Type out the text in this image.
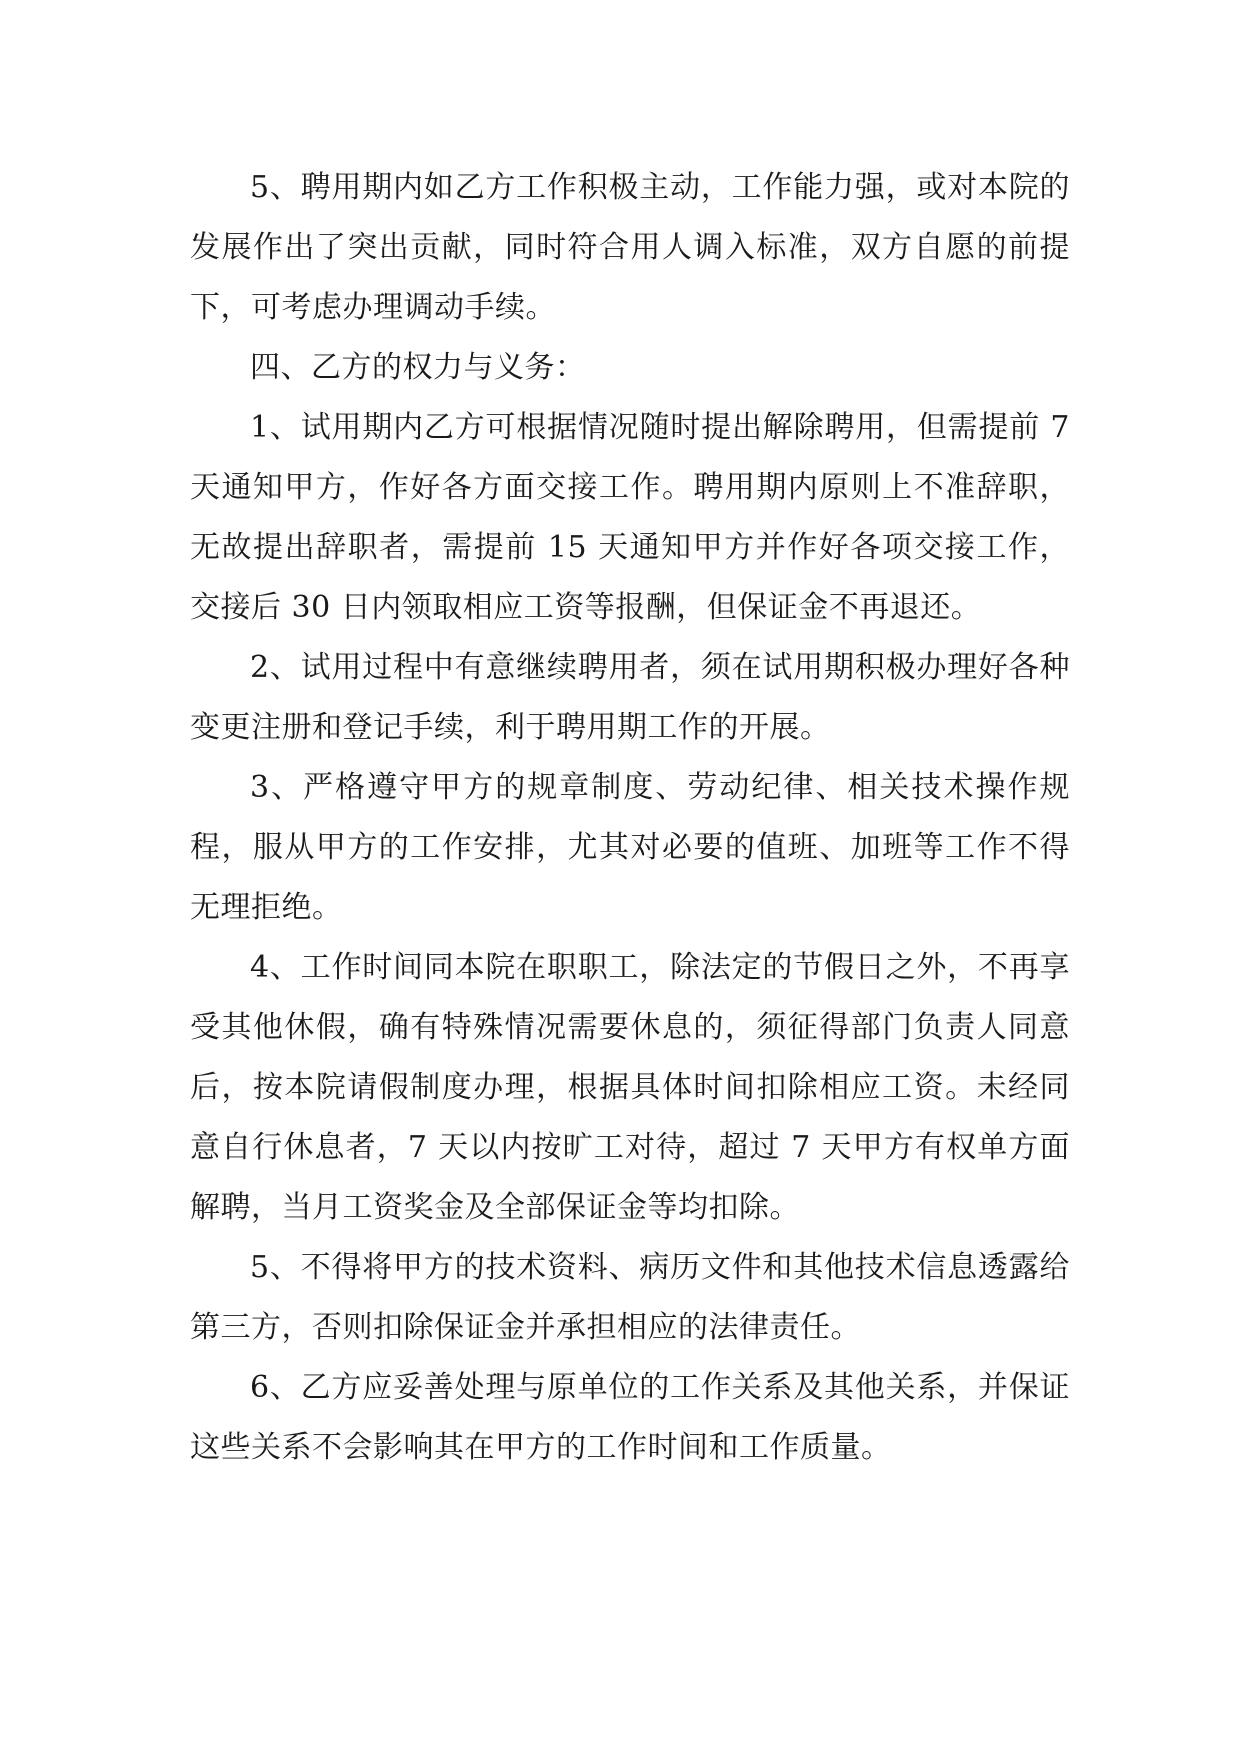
5、聘用期内如乙方工作积极主动，工作能力强，或对本院的发展作出了突出贡献，同时符合用人调入标准，双方自愿的前提下，可考虑办理调动手续。

四、乙方的权力与义务：

1、试用期内乙方可根据情况随时提出解除聘用，但需提前 7 天通知甲方，作好各方面交接工作。聘用期内原则上不准辞职，无故提出辞职者，需提前 15 天通知甲方并作好各项交接工作，交接后 30 日内领取相应工资等报酬，但保证金不再退还。

2、试用过程中有意继续聘用者，须在试用期积极办理好各种变更注册和登记手续，利于聘用期工作的开展。

3、严格遵守甲方的规章制度、劳动纪律、相关技术操作规程，服从甲方的工作安排，尤其对必要的值班、加班等工作不得无理拒绝。

4、工作时间同本院在职职工，除法定的节假日之外，不再享受其他休假，确有特殊情况需要休息的，须征得部门负责人同意后，按本院请假制度办理，根据具体时间扣除相应工资。未经同意自行休息者，7 天以内按旷工对待，超过 7 天甲方有权单方面解聘，当月工资奖金及全部保证金等均扣除。

5、不得将甲方的技术资料、病历文件和其他技术信息透露给第三方，否则扣除保证金并承担相应的法律责任。

6、乙方应妥善处理与原单位的工作关系及其他关系，并保证这些关系不会影响其在甲方的工作时间和工作质量。
